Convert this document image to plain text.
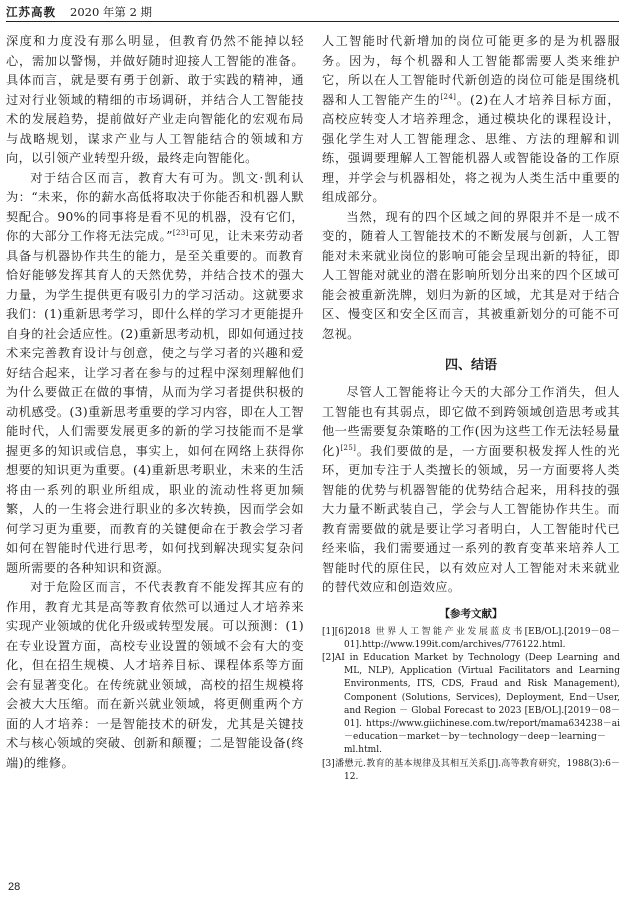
江苏高教 2020 年第 2 期

深度和力度没有那么明显，但教育仍然不能掉以轻心，需加以警惕，并做好随时迎接人工智能的准备。具体而言，就是要有勇于创新、敢于实践的精神，通过对行业领域的精细的市场调研，并结合人工智能技术的发展趋势，提前做好产业走向智能化的宏观布局与战略规划，谋求产业与人工智能结合的领域和方向，以引领产业转型升级，最终走向智能化。

对于结合区而言，教育大有可为。凯文·凯利认为：“未来，你的薪水高低将取决于你能否和机器人默契配合。90%的同事将是看不见的机器，没有它们，你的大部分工作将无法完成。”[23]可见，让未来劳动者具备与机器协作共生的能力，是至关重要的。而教育恰好能够发挥其育人的天然优势，并结合技术的强大力量，为学生提供更有吸引力的学习活动。这就要求我们：(1)重新思考学习，即什么样的学习才更能提升自身的社会适应性。(2)重新思考动机，即如何通过技术来完善教育设计与创意，使之与学习者的兴趣和爱好结合起来，让学习者在参与的过程中深刻理解他们为什么要做正在做的事情，从而为学习者提供积极的动机感受。(3)重新思考重要的学习内容，即在人工智能时代，人们需要发展更多的新的学习技能而不是掌握更多的知识或信息，事实上，如何在网络上获得你想要的知识更为重要。(4)重新思考职业，未来的生活将由一系列的职业所组成，职业的流动性将更加频繁，人的一生将会进行职业的多次转换，因而学会如何学习更为重要，而教育的关键便命在于教会学习者如何在智能时代进行思考，如何找到解决现实复杂问题所需要的各种知识和资源。

对于危险区而言，不代表教育不能发挥其应有的作用，教育尤其是高等教育依然可以通过人才培养来实现产业领域的优化升级或转型发展。可以预测：(1)在专业设置方面，高校专业设置的领域不会有大的变化，但在招生规模、人才培养目标、课程体系等方面会有显著变化。在传统就业领域，高校的招生规模将会被大大压缩。而在新兴就业领域，将更侧重两个方面的人才培养：一是智能技术的研发，尤其是关键技术与核心领域的突破、创新和颠覆；二是智能设备(终端)的维修。

人工智能时代新增加的岗位可能更多的是为机器服务。因为，每个机器和人工智能都需要人类来维护它，所以在人工智能时代新创造的岗位可能是围绕机器和人工智能产生的[24]。(2)在人才培养目标方面，高校应转变人才培养理念，通过模块化的课程设计，强化学生对人工智能理念、思维、方法的理解和训练，强调要理解人工智能机器人或智能设备的工作原理，并学会与机器相处，将之视为人类生活中重要的组成部分。

当然，现有的四个区域之间的界限并不是一成不变的，随着人工智能技术的不断发展与创新，人工智能对未来就业岗位的影响可能会呈现出新的特征，即人工智能对就业的潜在影响所划分出来的四个区域可能会被重新洗牌，划归为新的区域，尤其是对于结合区、慢变区和安全区而言，其被重新划分的可能不可忽视。

四、结语

尽管人工智能将让今天的大部分工作消失，但人工智能也有其弱点，即它做不到跨领域创造思考或其他一些需要复杂策略的工作(因为这些工作无法轻易量化)[25]。我们要做的是，一方面要积极发挥人性的光环，更加专注于人类擅长的领域，另一方面要将人类智能的优势与机器智能的优势结合起来，用科技的强大力量不断武装自己，学会与人工智能协作共生。而教育需要做的就是要让学习者明白，人工智能时代已经来临，我们需要通过一系列的教育变革来培养人工智能时代的原住民，以有效应对人工智能对未来就业的替代效应和创造效应。

【参考文献】

[1][6]2018 世界人工智能产业发展蓝皮书[EB/OL].[2019－08－01].http://www.199it.com/archives/776122.html.

[2]AI in Education Market by Technology (Deep Learning and ML, NLP), Application (Virtual Facilitators and Learning Environments, ITS, CDS, Fraud and Risk Management), Component (Solutions, Services), Deployment, End－User, and Region － Global Forecast to 2023 [EB/OL].[2019－08－01]. https://www.giichinese.com.tw/report/mama634238－ai－education－market－by－technology－deep－learning－ml.html.

[3]潘懋元.教育的基本规律及其相互关系[J].高等教育研究，1988(3):6－12.

28
